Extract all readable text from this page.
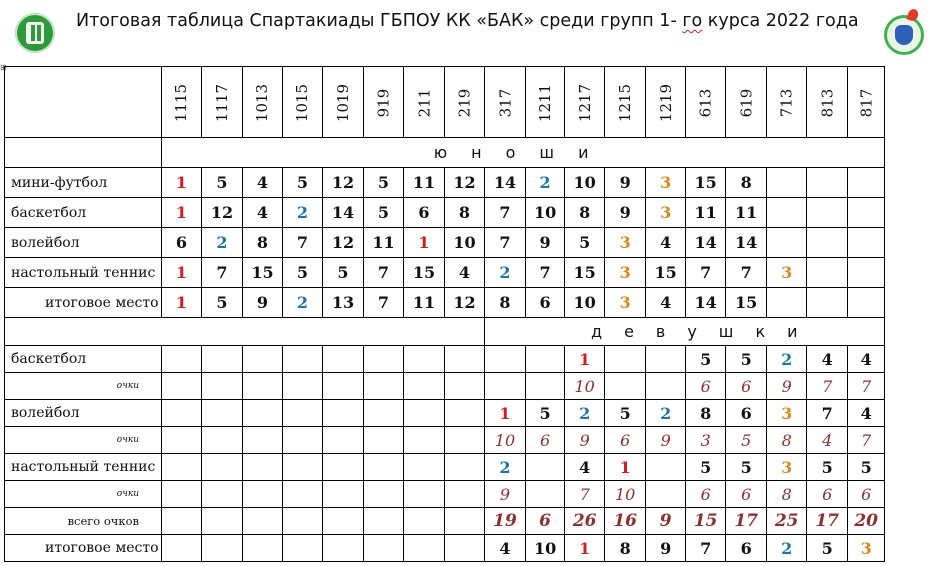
Итоговая таблица Спартакиады ГБПОУ КК «БАК» среди групп 1- го курса 2022 года
⊞
	1115	1117	1013	1015	1019	919	211	219	317	1211	1217	1215	1219	613	619	713	813	817
	юноши																	
мини-футбол	1	5	4	5	12	5	11	12	14	2	10	9	3	15	8			
баскетбол	1	12	4	2	14	5	6	8	7	10	8	9	3	11	11			
волейбол	6	2	8	7	12	11	1	10	7	9	5	3	4	14	14			
настольный теннис	1	7	15	5	5	7	15	4	2	7	15	3	15	7	7	3		
итоговое место	1	5	9	2	13	7	11	12	8	6	10	3	4	14	15			
									девушки									
баскетбол											1			5	5	2	4	4
очки											10			6	6	9	7	7
волейбол									1	5	2	5	2	8	6	3	7	4
очки									10	6	9	6	9	3	5	8	4	7
настольный теннис									2		4	1		5	5	3	5	5
очки									9		7	10		6	6	8	6	6
всего очков									19	6	26	16	9	15	17	25	17	20
итоговое место									4	10	1	8	9	7	6	2	5	3
